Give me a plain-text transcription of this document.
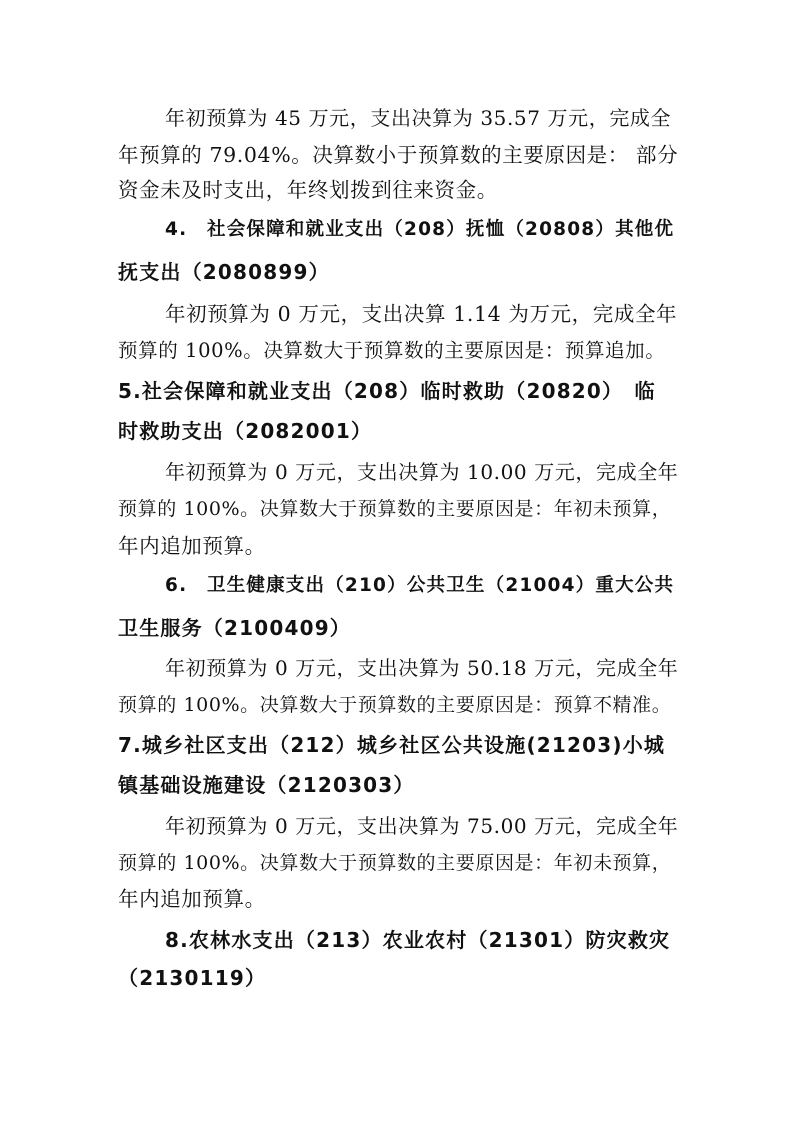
年初预算为 45 万元，支出决算为 35.57 万元，完成全
年预算的 79.04%。决算数小于预算数的主要原因是： 部分
资金未及时支出，年终划拨到往来资金。
4.　社会保障和就业支出（208）抚恤（20808）其他优
抚支出（2080899）
年初预算为 0 万元，支出决算 1.14 为万元，完成全年
预算的 100%。决算数大于预算数的主要原因是：预算追加。
5.社会保障和就业支出（208）临时救助（20820）　临
时救助支出（2082001）
年初预算为 0 万元，支出决算为 10.00 万元，完成全年
预算的 100%。决算数大于预算数的主要原因是：年初未预算，
年内追加预算。
6.　卫生健康支出（210）公共卫生（21004）重大公共
卫生服务（2100409）
年初预算为 0 万元，支出决算为 50.18 万元，完成全年
预算的 100%。决算数大于预算数的主要原因是：预算不精准。
7.城乡社区支出（212）城乡社区公共设施(21203)小城
镇基础设施建设（2120303）
年初预算为 0 万元，支出决算为 75.00 万元，完成全年
预算的 100%。决算数大于预算数的主要原因是：年初未预算，
年内追加预算。
8.农林水支出（213）农业农村（21301）防灾救灾
（2130119）
